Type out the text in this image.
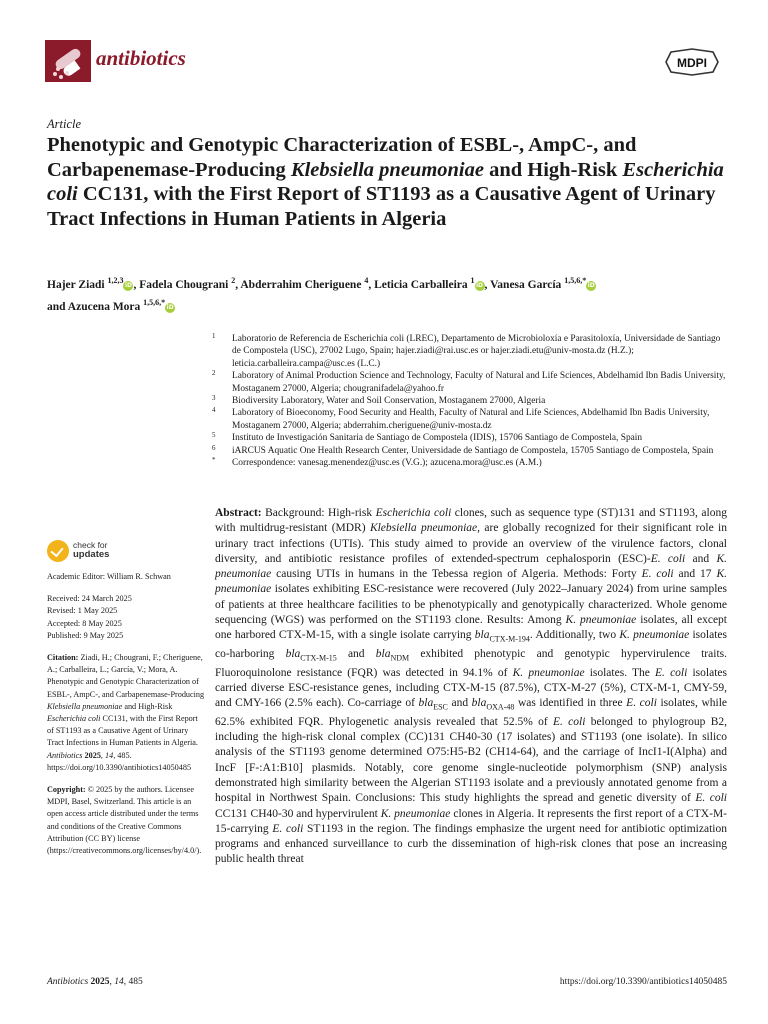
antibiotics	MDPI
Article
Phenotypic and Genotypic Characterization of ESBL-, AmpC-, and Carbapenemase-Producing Klebsiella pneumoniae and High-Risk Escherichia coli CC131, with the First Report of ST1193 as a Causative Agent of Urinary Tract Infections in Human Patients in Algeria
Hajer Ziadi $^{1,2,3}$iD, Fadela Chougrani $^2$, Abderrahim Cheriguene $^4$, Leticia Carballeira $^1$iD, Vanesa García $^{1,5,6,*}$iD
and Azucena Mora $^{1,5,6,*}$iD
1 Laboratorio de Referencia de Escherichia coli (LREC), Departamento de Microbioloxía e Parasitoloxía, Universidade de Santiago de Compostela (USC), 27002 Lugo, Spain; hajer.ziadi@rai.usc.es or hajer.ziadi.etu@univ-mosta.dz (H.Z.); leticia.carballeira.campa@usc.es (L.C.)
2 Laboratory of Animal Production Science and Technology, Faculty of Natural and Life Sciences, Abdelhamid Ibn Badis University, Mostaganem 27000, Algeria; chougranifadela@yahoo.fr
3 Biodiversity Laboratory, Water and Soil Conservation, Mostaganem 27000, Algeria
4 Laboratory of Bioeconomy, Food Security and Health, Faculty of Natural and Life Sciences, Abdelhamid Ibn Badis University, Mostaganem 27000, Algeria; abderrahim.cheriguene@univ-mosta.dz
5 Instituto de Investigación Sanitaria de Santiago de Compostela (IDIS), 15706 Santiago de Compostela, Spain
6 iARCUS Aquatic One Health Research Center, Universidade de Santiago de Compostela, 15705 Santiago de Compostela, Spain
* Correspondence: vanesag.menendez@usc.es (V.G.); azucena.mora@usc.es (A.M.)
check for
updates

Academic Editor: William R. Schwan

Received: 24 March 2025

Revised: 1 May 2025

Accepted: 8 May 2025

Published: 9 May 2025

Citation: Ziadi, H.; Chougrani, F.; Cheriguene, A.; Carballeira, L.; García, V.; Mora, A. Phenotypic and Genotypic Characterization of ESBL-, AmpC-, and Carbapenemase-Producing Klebsiella pneumoniae and High-Risk Escherichia coli CC131, with the First Report of ST1193 as a Causative Agent of Urinary Tract Infections in Human Patients in Algeria. Antibiotics 2025, 14, 485. https://doi.org/10.3390/antibiotics14050485

Copyright: © 2025 by the authors. Licensee MDPI, Basel, Switzerland. This article is an open access article distributed under the terms and conditions of the Creative Commons Attribution (CC BY) license (https://creativecommons.org/licenses/by/4.0/).

Abstract: Background: High-risk Escherichia coli clones, such as sequence type (ST)131 and ST1193, along with multidrug-resistant (MDR) Klebsiella pneumoniae, are globally recognized for their significant role in urinary tract infections (UTIs). This study aimed to provide an overview of the virulence factors, clonal diversity, and antibiotic resistance profiles of extended-spectrum cephalosporin (ESC)-E. coli and K. pneumoniae causing UTIs in humans in the Tebessa region of Algeria. Methods: Forty E. coli and 17 K. pneumoniae isolates exhibiting ESC-resistance were recovered (July 2022–January 2024) from urine samples of patients at three healthcare facilities to be phenotypically and genotypically characterized. Whole genome sequencing (WGS) was performed on the ST1193 clone. Results: Among K. pneumoniae isolates, all except one harbored CTX-M-15, with a single isolate carrying bla$_{CTX-M-194}$. Additionally, two K. pneumoniae isolates co-harboring bla$_{CTX-M-15}$ and bla$_{NDM}$ exhibited phenotypic and genotypic hypervirulence traits. Fluoroquinolone resistance (FQR) was detected in 94.1% of K. pneumoniae isolates. The E. coli isolates carried diverse ESC-resistance genes, including CTX-M-15 (87.5%), CTX-M-27 (5%), CTX-M-1, CMY-59, and CMY-166 (2.5% each). Co-carriage of bla$_{ESC}$ and bla$_{OXA-48}$ was identified in three E. coli isolates, while 62.5% exhibited FQR. Phylogenetic analysis revealed that 52.5% of E. coli belonged to phylogroup B2, including the high-risk clonal complex (CC)131 CH40-30 (17 isolates) and ST1193 (one isolate). In silico analysis of the ST1193 genome determined O75:H5-B2 (CH14-64), and the carriage of IncI1-I(Alpha) and IncF [F-:A1:B10] plasmids. Notably, core genome single-nucleotide polymorphism (SNP) analysis demonstrated high similarity between the Algerian ST1193 isolate and a previously annotated genome from a hospital in Northwest Spain. Conclusions: This study highlights the spread and genetic diversity of E. coli CC131 CH40-30 and hypervirulent K. pneumoniae clones in Algeria. It represents the first report of a CTX-M-15-carrying E. coli ST1193 in the region. The findings emphasize the urgent need for antibiotic optimization programs and enhanced surveillance to curb the dissemination of high-risk clones that pose an increasing public health threat

Antibiotics 2025, 14, 485	https://doi.org/10.3390/antibiotics14050485
